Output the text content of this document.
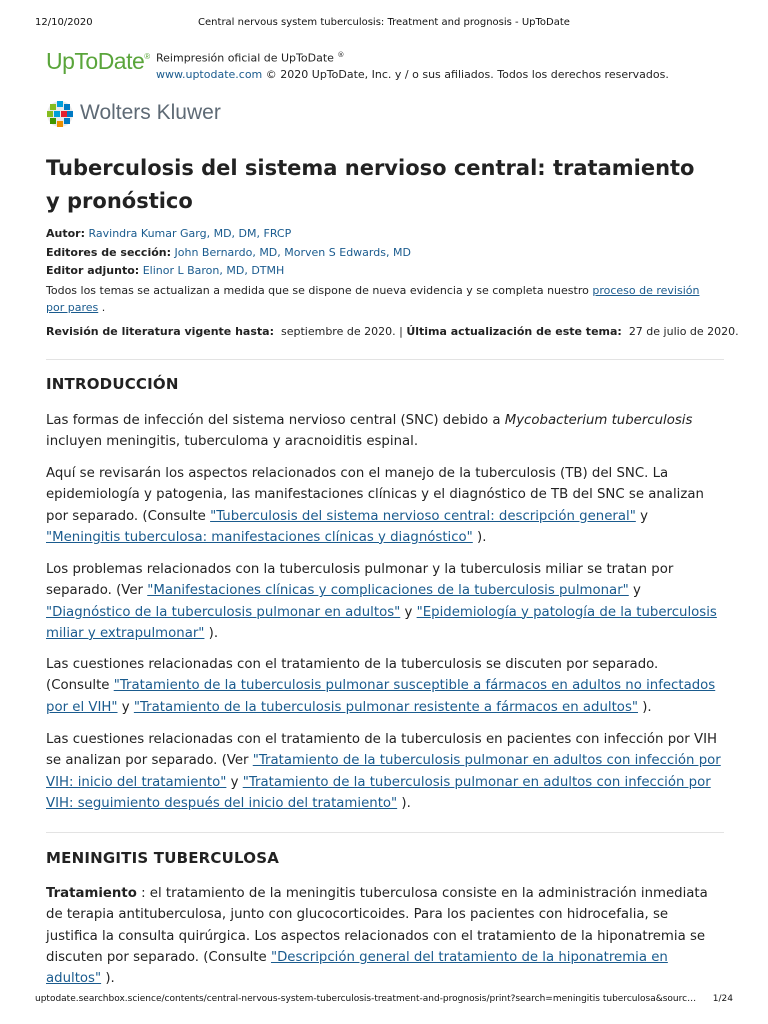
12/10/2020	Central nervous system tuberculosis: Treatment and prognosis - UpToDate
UpToDate® Reimpresión oficial de UpToDate ®
www.uptodate.com © 2020 UpToDate, Inc. y / o sus afiliados. Todos los derechos reservados.
Wolters Kluwer
Tuberculosis del sistema nervioso central: tratamiento y pronóstico
Autor: Ravindra Kumar Garg, MD, DM, FRCP
Editores de sección: John Bernardo, MD, Morven S Edwards, MD
Editor adjunto: Elinor L Baron, MD, DTMH
Todos los temas se actualizan a medida que se dispone de nueva evidencia y se completa nuestro proceso de revisión por pares .
Revisión de literatura vigente hasta: septiembre de 2020. | Última actualización de este tema: 27 de julio de 2020.
INTRODUCCIÓN

Las formas de infección del sistema nervioso central (SNC) debido a Mycobacterium tuberculosis incluyen meningitis, tuberculoma y aracnoiditis espinal.

Aquí se revisarán los aspectos relacionados con el manejo de la tuberculosis (TB) del SNC. La epidemiología y patogenia, las manifestaciones clínicas y el diagnóstico de TB del SNC se analizan por separado. (Consulte "Tuberculosis del sistema nervioso central: descripción general" y "Meningitis tuberculosa: manifestaciones clínicas y diagnóstico" ).

Los problemas relacionados con la tuberculosis pulmonar y la tuberculosis miliar se tratan por separado. (Ver "Manifestaciones clínicas y complicaciones de la tuberculosis pulmonar" y "Diagnóstico de la tuberculosis pulmonar en adultos" y "Epidemiología y patología de la tuberculosis miliar y extrapulmonar" ).

Las cuestiones relacionadas con el tratamiento de la tuberculosis se discuten por separado. (Consulte "Tratamiento de la tuberculosis pulmonar susceptible a fármacos en adultos no infectados por el VIH" y "Tratamiento de la tuberculosis pulmonar resistente a fármacos en adultos" ).

Las cuestiones relacionadas con el tratamiento de la tuberculosis en pacientes con infección por VIH se analizan por separado. (Ver "Tratamiento de la tuberculosis pulmonar en adultos con infección por VIH: inicio del tratamiento" y "Tratamiento de la tuberculosis pulmonar en adultos con infección por VIH: seguimiento después del inicio del tratamiento" ).

MENINGITIS TUBERCULOSA

Tratamiento : el tratamiento de la meningitis tuberculosa consiste en la administración inmediata de terapia antituberculosa, junto con glucocorticoides. Para los pacientes con hidrocefalia, se justifica la consulta quirúrgica. Los aspectos relacionados con el tratamiento de la hiponatremia se discuten por separado. (Consulte "Descripción general del tratamiento de la hiponatremia en adultos" ).

uptodate.searchbox.science/contents/central-nervous-system-tuberculosis-treatment-and-prognosis/print?search=meningitis tuberculosa&sourc… 1/24
